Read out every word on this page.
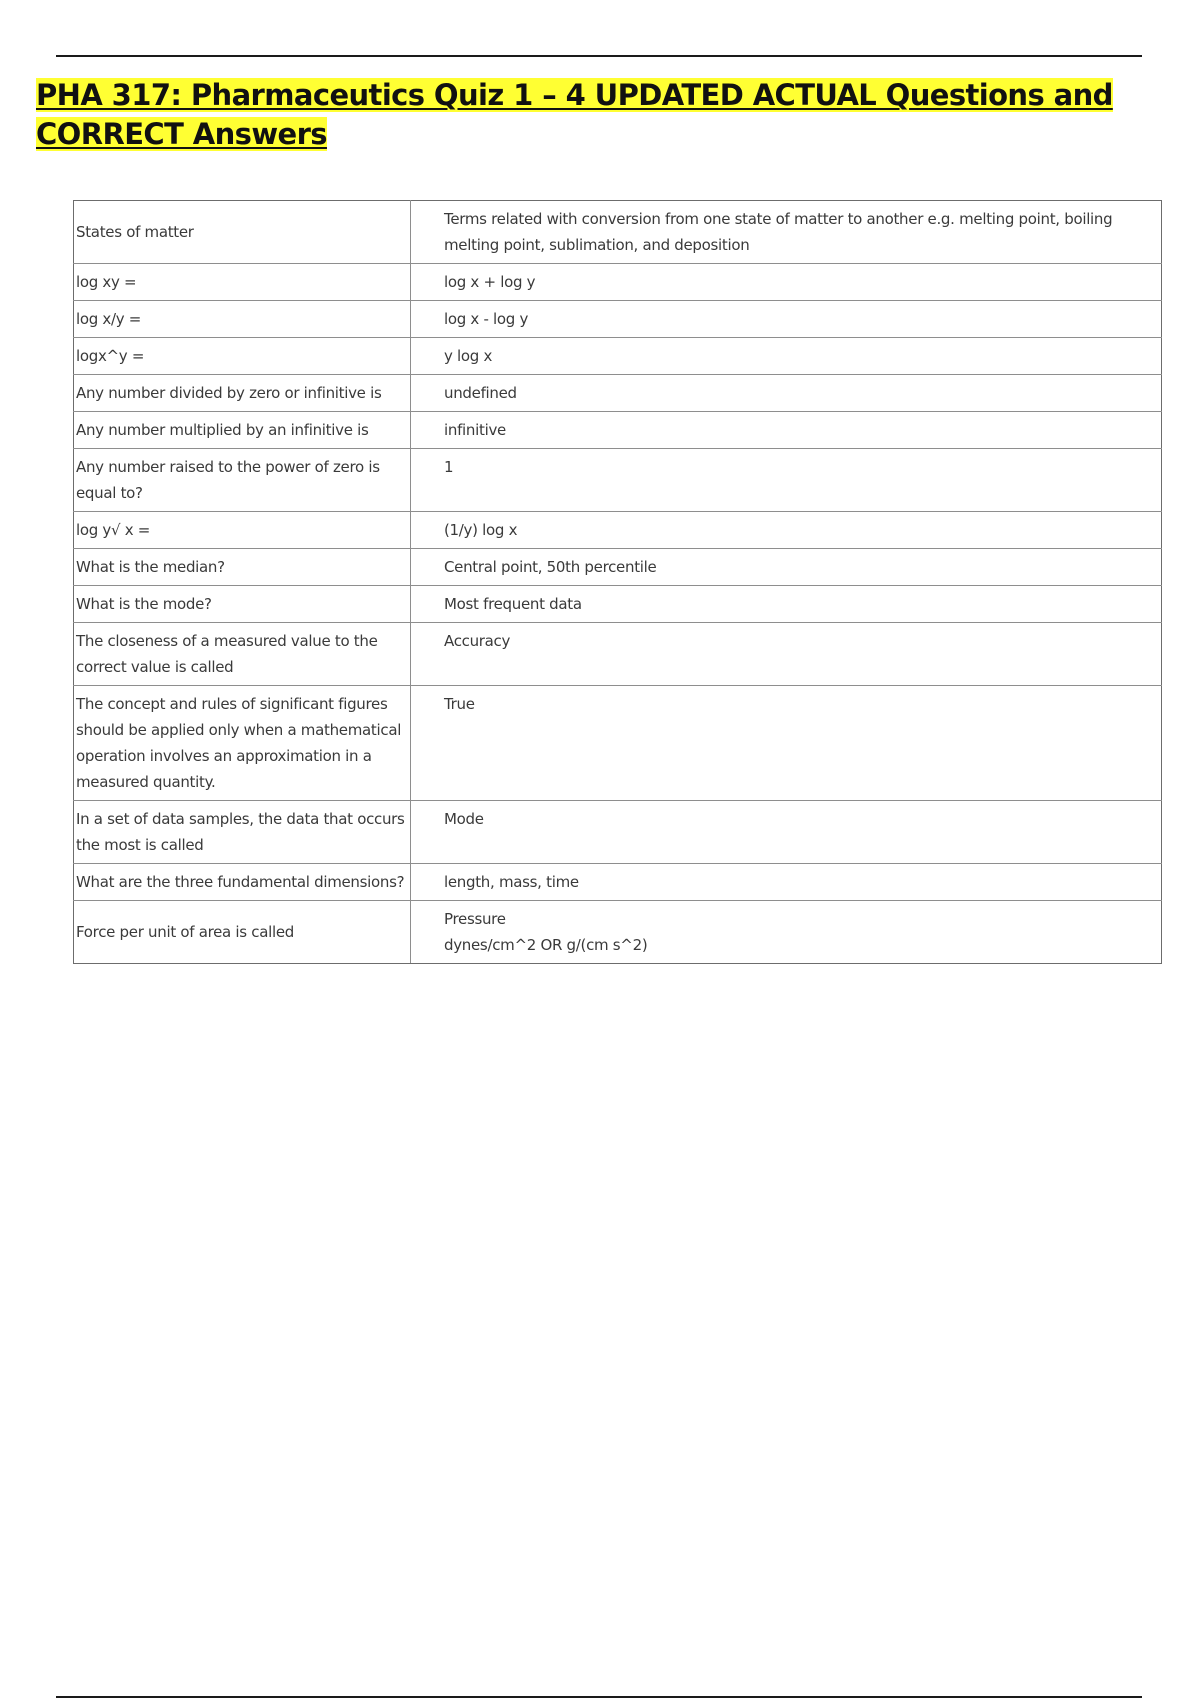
PHA 317: Pharmaceutics Quiz 1 – 4 UPDATED ACTUAL Questions and CORRECT Answers
States of matter	Terms related with conversion from one state of matter to another e.g. melting point, boiling melting point, sublimation, and deposition
log xy =	log x + log y
log x/y =	log x - log y
logx^y =	y log x
Any number divided by zero or infinitive is	undefined
Any number multiplied by an infinitive is	infinitive
Any number raised to the power of zero is equal to?	1
log y√ x =	(1/y) log x
What is the median?	Central point, 50th percentile
What is the mode?	Most frequent data
The closeness of a measured value to the correct value is called	Accuracy
The concept and rules of significant figures should be applied only when a mathematical operation involves an approximation in a measured quantity.	True
In a set of data samples, the data that occurs the most is called	Mode
What are the three fundamental dimensions?	length, mass, time
Force per unit of area is called	Pressure
dynes/cm^2 OR g/(cm s^2)
